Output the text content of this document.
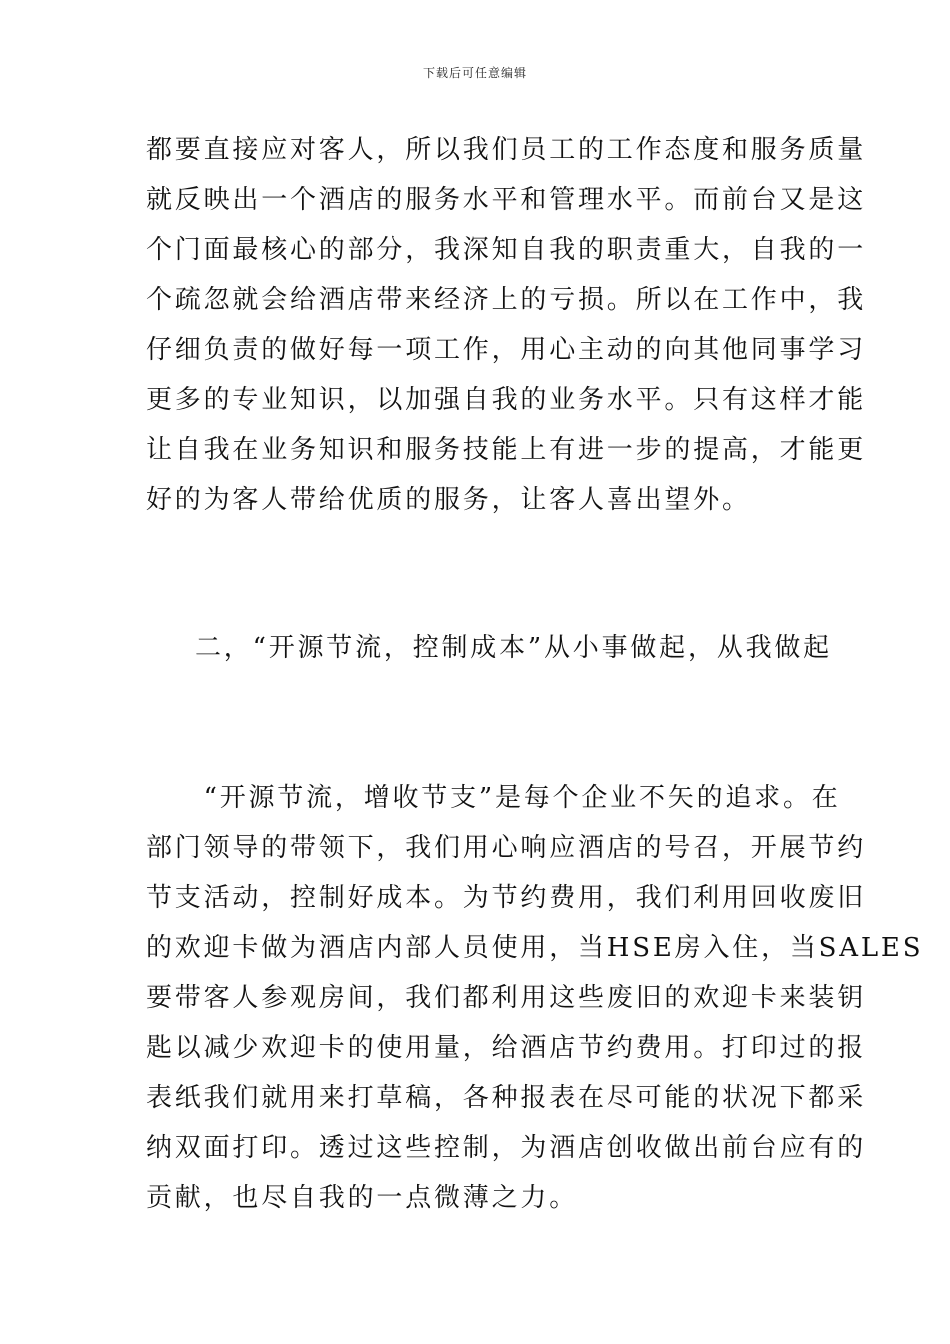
下载后可任意编辑
都要直接应对客人，所以我们员工的工作态度和服务质量
就反映出一个酒店的服务水平和管理水平。而前台又是这
个门面最核心的部分，我深知自我的职责重大，自我的一
个疏忽就会给酒店带来经济上的亏损。所以在工作中，我
仔细负责的做好每一项工作，用心主动的向其他同事学习
更多的专业知识，以加强自我的业务水平。只有这样才能
让自我在业务知识和服务技能上有进一步的提高，才能更
好的为客人带给优质的服务，让客人喜出望外。
二，“开源节流，控制成本”从小事做起，从我做起
　　“开源节流，增收节支”是每个企业不矢的追求。在
部门领导的带领下，我们用心响应酒店的号召，开展节约
节支活动，控制好成本。为节约费用，我们利用回收废旧
的欢迎卡做为酒店内部人员使用，当HSE房入住，当SALES
要带客人参观房间，我们都利用这些废旧的欢迎卡来装钥
匙以减少欢迎卡的使用量，给酒店节约费用。打印过的报
表纸我们就用来打草稿，各种报表在尽可能的状况下都采
纳双面打印。透过这些控制，为酒店创收做出前台应有的
贡献，也尽自我的一点微薄之力。
